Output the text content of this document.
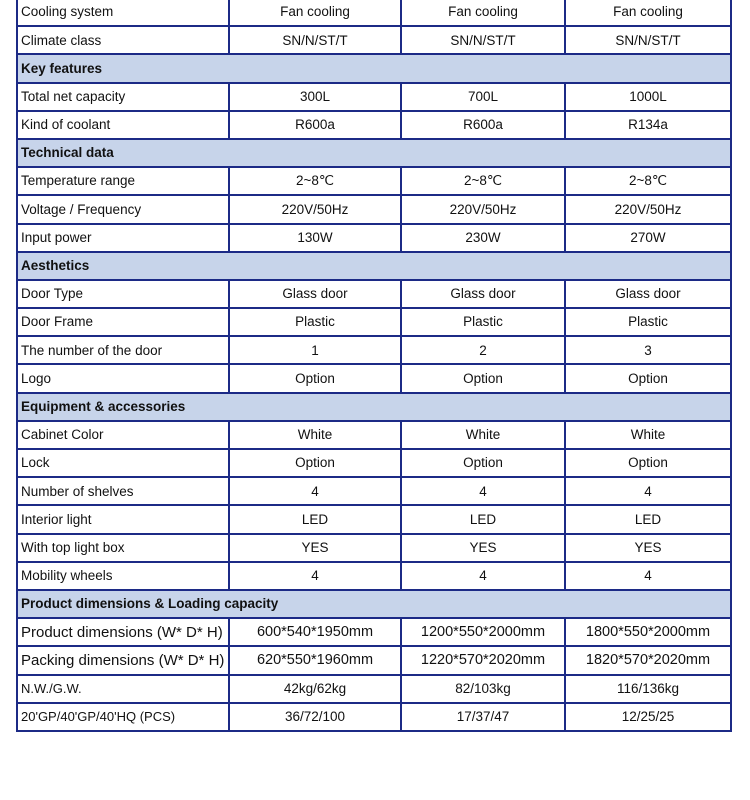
Cooling system	Fan cooling	Fan cooling	Fan cooling
Climate class	SN/N/ST/T	SN/N/ST/T	SN/N/ST/T
Key features			
Total net capacity	300L	700L	1000L
Kind of coolant	R600a	R600a	R134a
Technical data			
Temperature range	2~8℃	2~8℃	2~8℃
Voltage / Frequency	220V/50Hz	220V/50Hz	220V/50Hz
Input power	130W	230W	270W
Aesthetics			
Door Type	Glass door	Glass door	Glass door
Door Frame	Plastic	Plastic	Plastic
The number of the door	1	2	3
Logo	Option	Option	Option
Equipment & accessories			
Cabinet Color	White	White	White
Lock	Option	Option	Option
Number of shelves	4	4	4
Interior light	LED	LED	LED
With top light box	YES	YES	YES
Mobility wheels	4	4	4
Product dimensions & Loading capacity			
Product dimensions (W* D* H)	600*540*1950mm	1200*550*2000mm	1800*550*2000mm
Packing dimensions (W* D* H)	620*550*1960mm	1220*570*2020mm	1820*570*2020mm
N.W./G.W.	42kg/62kg	82/103kg	116/136kg
20'GP/40'GP/40'HQ (PCS)	36/72/100	17/37/47	12/25/25
